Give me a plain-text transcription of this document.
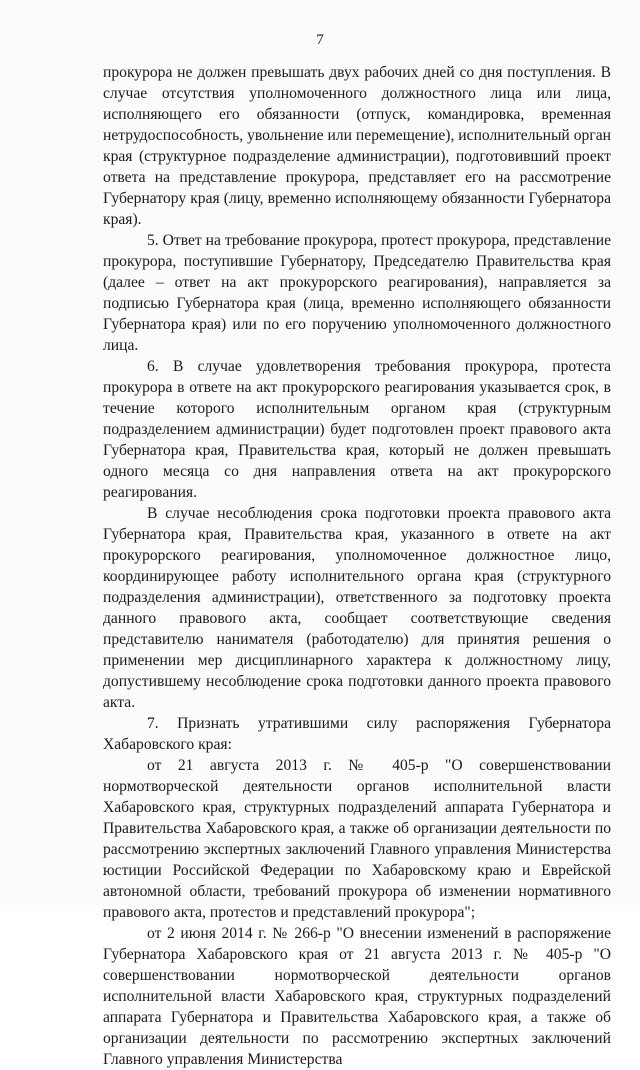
7

прокурора не должен превышать двух рабочих дней со дня поступления. В случае отсутствия уполномоченного должностного лица или лица, исполняющего его обязанности (отпуск, командировка, временная нетрудоспособность, увольнение или перемещение), исполнительный орган края (структурное подразделение администрации), подготовивший проект ответа на представление прокурора, представляет его на рассмотрение Губернатору края (лицу, временно исполняющему обязанности Губернатора края).

5. Ответ на требование прокурора, протест прокурора, представление прокурора, поступившие Губернатору, Председателю Правительства края (далее – ответ на акт прокурорского реагирования), направляется за подписью Губернатора края (лица, временно исполняющего обязанности Губернатора края) или по его поручению уполномоченного должностного лица.

6. В случае удовлетворения требования прокурора, протеста прокурора в ответе на акт прокурорского реагирования указывается срок, в течение которого исполнительным органом края (структурным подразделением администрации) будет подготовлен проект правового акта Губернатора края, Правительства края, который не должен превышать одного месяца со дня направления ответа на акт прокурорского реагирования.

В случае несоблюдения срока подготовки проекта правового акта Губернатора края, Правительства края, указанного в ответе на акт прокурорского реагирования, уполномоченное должностное лицо, координирующее работу исполнительного органа края (структурного подразделения администрации), ответственного за подготовку проекта данного правового акта, сообщает соответствующие сведения представителю нанимателя (работодателю) для принятия решения о применении мер дисциплинарного характера к должностному лицу, допустившему несоблюдение срока подготовки данного проекта правового акта.

7. Признать утратившими силу распоряжения Губернатора Хабаровского края:

от 21 августа 2013 г. № 405-р "О совершенствовании нормотворческой деятельности органов исполнительной власти Хабаровского края, структурных подразделений аппарата Губернатора и Правительства Хабаровского края, а также об организации деятельности по рассмотрению экспертных заключений Главного управления Министерства юстиции Российской Федерации по Хабаровскому краю и Еврейской автономной области, требований прокурора об изменении нормативного правового акта, протестов и представлений прокурора";

от 2 июня 2014 г. № 266-р "О внесении изменений в распоряжение Губернатора Хабаровского края от 21 августа 2013 г. № 405-р "О совершенствовании нормотворческой деятельности органов исполнительной власти Хабаровского края, структурных подразделений аппарата Губернатора и Правительства Хабаровского края, а также об организации деятельности по рассмотрению экспертных заключений Главного управления Министерства
